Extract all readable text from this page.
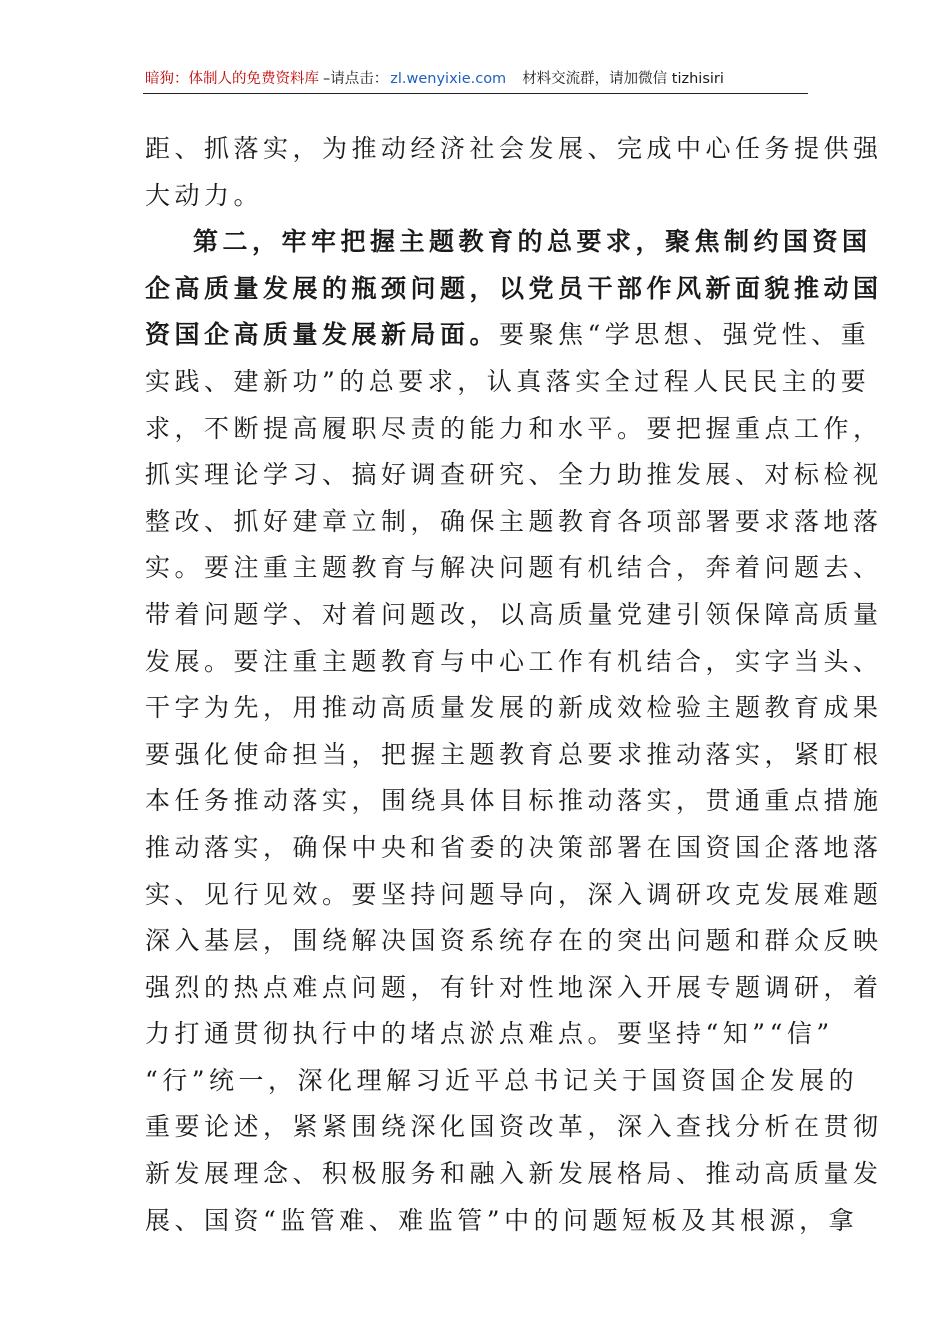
暗狗：体制人的免费资料库 –请点击： zl.wenyixie.com 材料交流群，请加微信 tizhisiri
距、抓落实，为推动经济社会发展、完成中心任务提供强
大动力。
第二，牢牢把握主题教育的总要求，聚焦制约国资国
企高质量发展的瓶颈问题，以党员干部作风新面貌推动国
资国企高质量发展新局面。要聚焦“学思想、强党性、重
实践、建新功”的总要求，认真落实全过程人民民主的要
求，不断提高履职尽责的能力和水平。要把握重点工作，
抓实理论学习、搞好调查研究、全力助推发展、对标检视
整改、抓好建章立制，确保主题教育各项部署要求落地落
实。要注重主题教育与解决问题有机结合，奔着问题去、
带着问题学、对着问题改，以高质量党建引领保障高质量
发展。要注重主题教育与中心工作有机结合，实字当头、
干字为先，用推动高质量发展的新成效检验主题教育成果
要强化使命担当，把握主题教育总要求推动落实，紧盯根
本任务推动落实，围绕具体目标推动落实，贯通重点措施
推动落实，确保中央和省委的决策部署在国资国企落地落
实、见行见效。要坚持问题导向，深入调研攻克发展难题
深入基层，围绕解决国资系统存在的突出问题和群众反映
强烈的热点难点问题，有针对性地深入开展专题调研，着
力打通贯彻执行中的堵点淤点难点。要坚持“知”“信”
“行”统一，深化理解习近平总书记关于国资国企发展的
重要论述，紧紧围绕深化国资改革，深入查找分析在贯彻
新发展理念、积极服务和融入新发展格局、推动高质量发
展、国资“监管难、难监管”中的问题短板及其根源，拿
